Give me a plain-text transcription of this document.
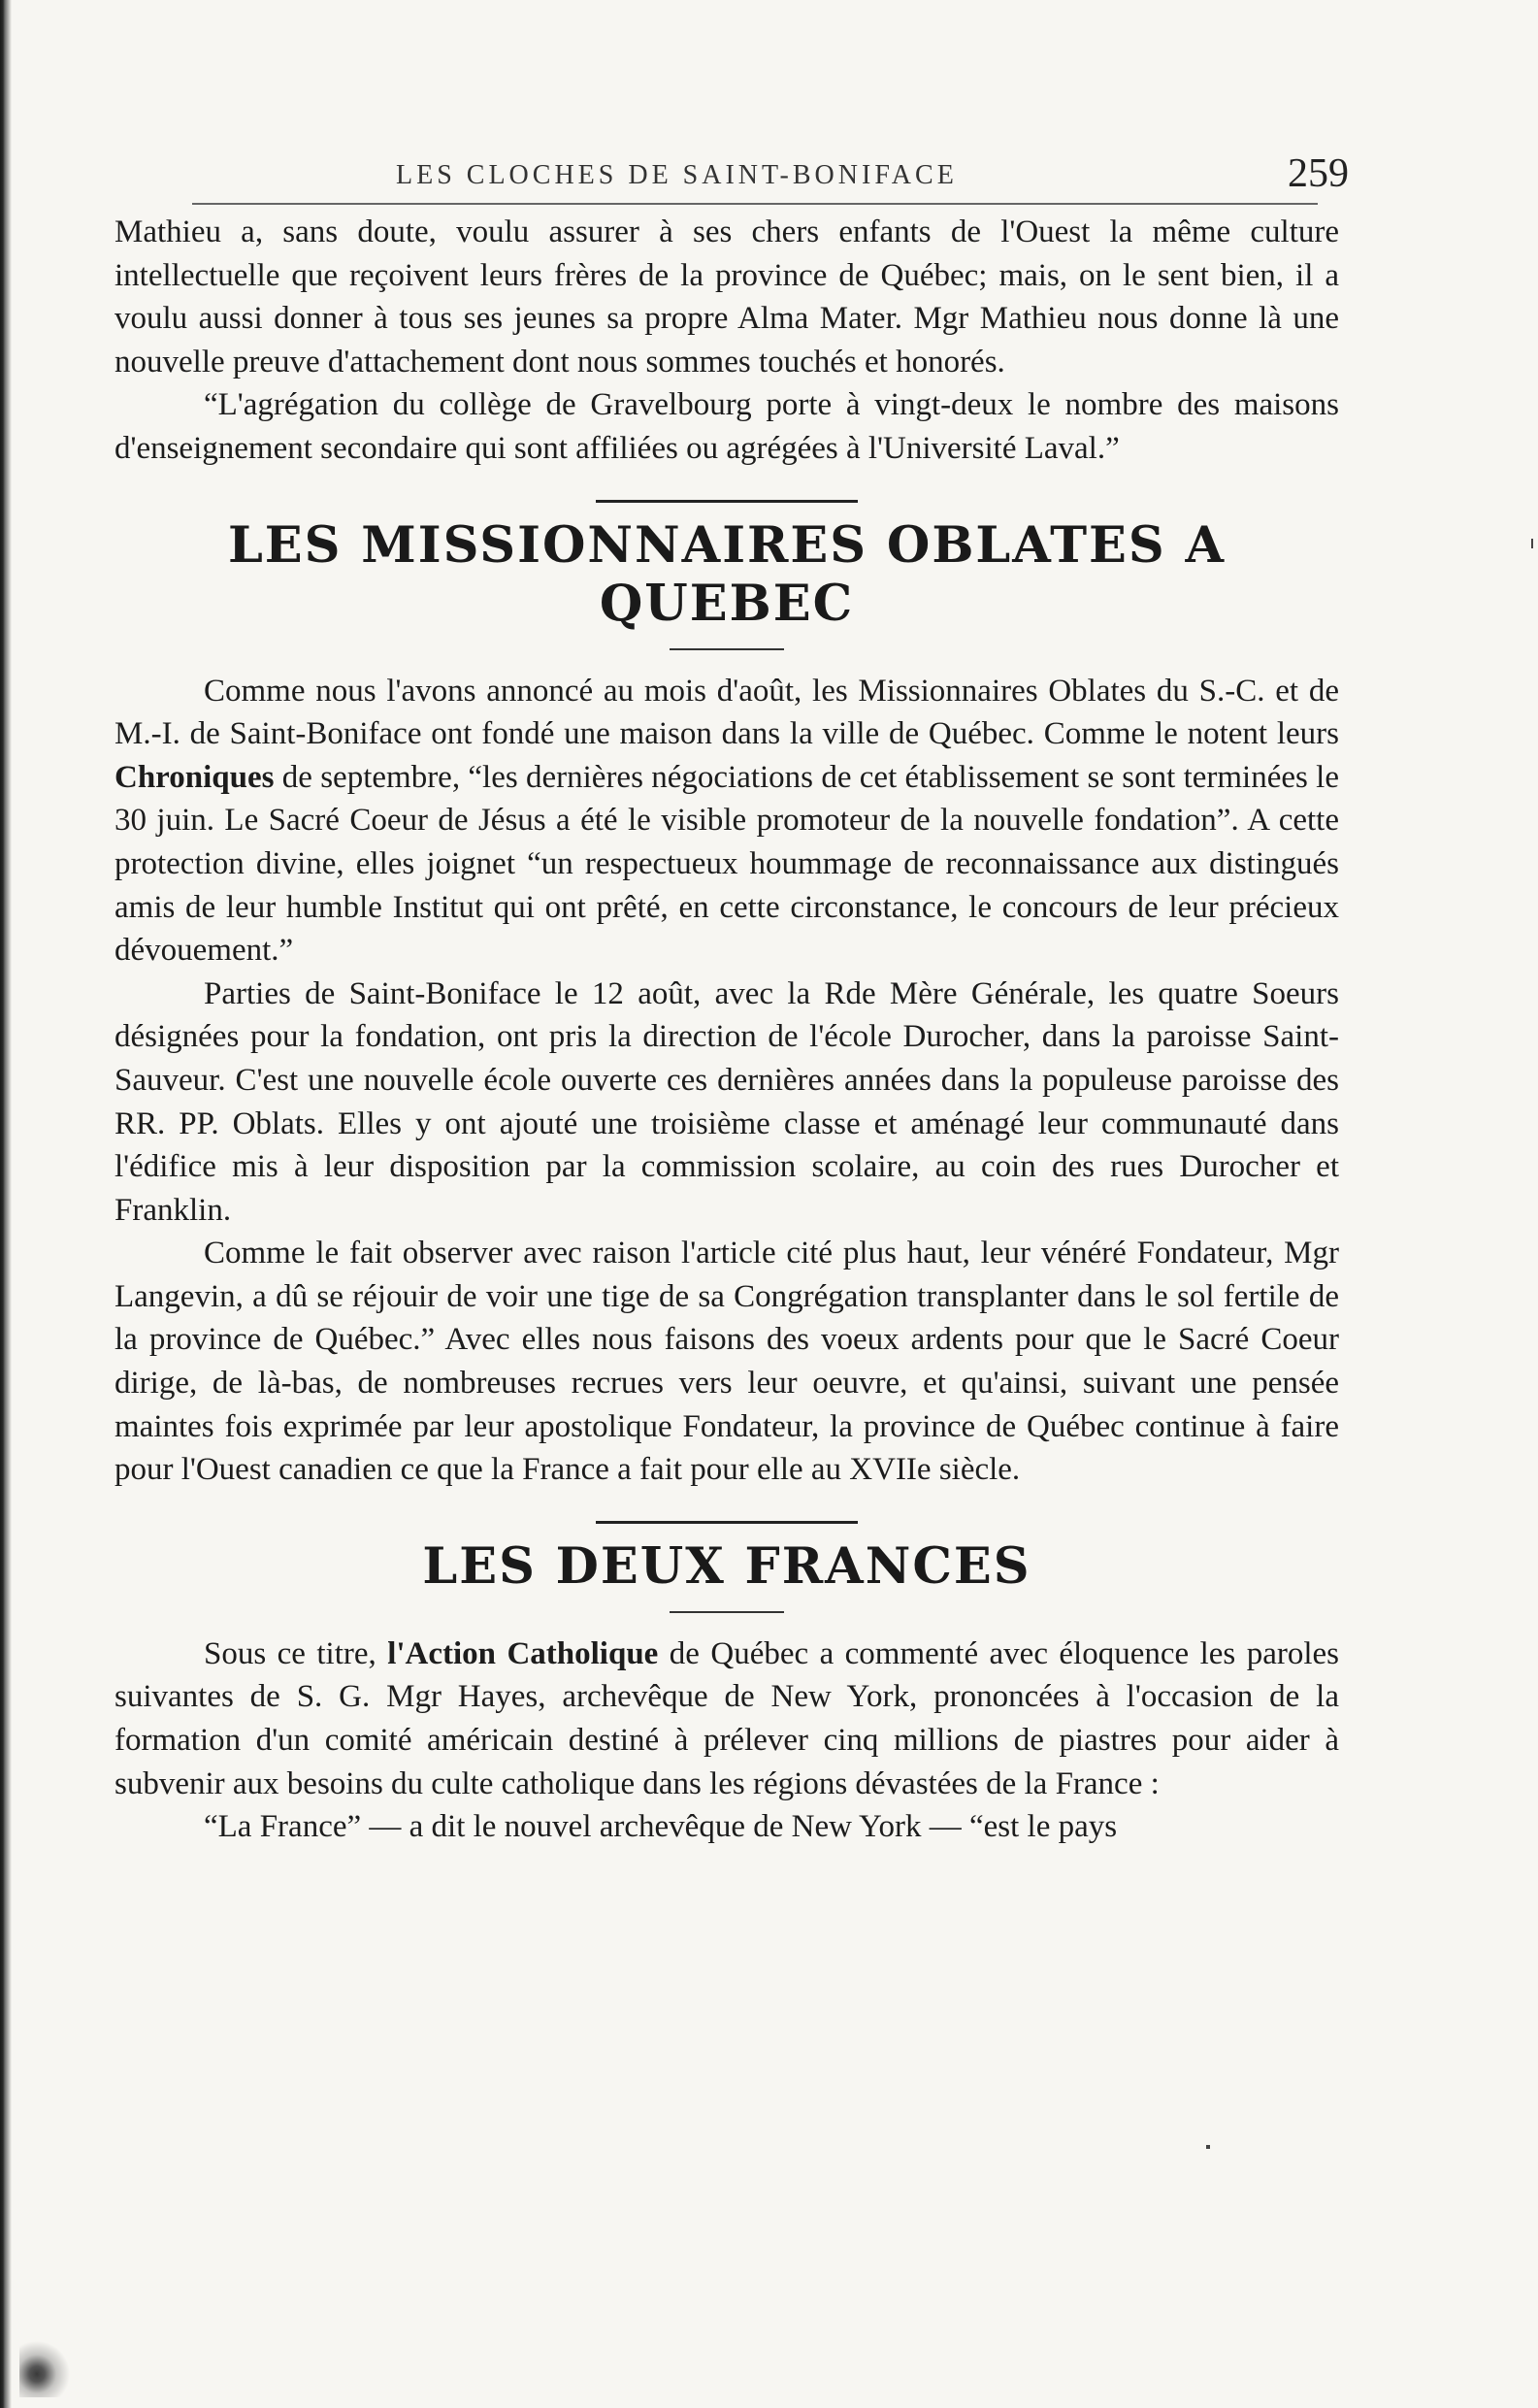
LES CLOCHES DE SAINT-BONIFACE	259

Mathieu a, sans doute, voulu assurer à ses chers enfants de l'Ouest la même culture intellectuelle que reçoivent leurs frères de la province de Québec; mais, on le sent bien, il a voulu aussi donner à tous ses jeunes sa propre Alma Mater. Mgr Mathieu nous donne là une nouvelle preuve d'attachement dont nous sommes touchés et honorés.

“L'agrégation du collège de Gravelbourg porte à vingt-deux le nombre des maisons d'enseignement secondaire qui sont affiliées ou agrégées à l'Université Laval.”

LES MISSIONNAIRES OBLATES A QUEBEC

Comme nous l'avons annoncé au mois d'août, les Missionnaires Oblates du S.-C. et de M.-I. de Saint-Boniface ont fondé une maison dans la ville de Québec. Comme le notent leurs Chroniques de septembre, “les dernières négociations de cet établissement se sont terminées le 30 juin. Le Sacré Coeur de Jésus a été le visible promoteur de la nouvelle fondation”. A cette protection divine, elles joignet “un respectueux hoummage de reconnaissance aux distingués amis de leur humble Institut qui ont prêté, en cette circonstance, le concours de leur précieux dévouement.”

Parties de Saint-Boniface le 12 août, avec la Rde Mère Générale, les quatre Soeurs désignées pour la fondation, ont pris la direction de l'école Durocher, dans la paroisse Saint- Sauveur. C'est une nouvelle école ouverte ces dernières années dans la populeuse paroisse des RR. PP. Oblats. Elles y ont ajouté une troisième classe et aménagé leur communauté dans l'édifice mis à leur disposition par la commission scolaire, au coin des rues Durocher et Franklin.

Comme le fait observer avec raison l'article cité plus haut, leur vénéré Fondateur, Mgr Langevin, a dû se réjouir de voir une tige de sa Congrégation transplanter dans le sol fertile de la province de Québec.” Avec elles nous faisons des voeux ardents pour que le Sacré Coeur dirige, de là-bas, de nombreuses recrues vers leur oeuvre, et qu'ainsi, suivant une pensée maintes fois exprimée par leur apostolique Fondateur, la province de Québec continue à faire pour l'Ouest canadien ce que la France a fait pour elle au XVIIe siècle.

LES DEUX FRANCES

Sous ce titre, l'Action Catholique de Québec a commenté avec éloquence les paroles suivantes de S. G. Mgr Hayes, archevêque de New York, prononcées à l'occasion de la formation d'un comité américain destiné à prélever cinq millions de piastres pour aider à subvenir aux besoins du culte catholique dans les régions dévastées de la France :

“La France” — a dit le nouvel archevêque de New York — “est le pays
